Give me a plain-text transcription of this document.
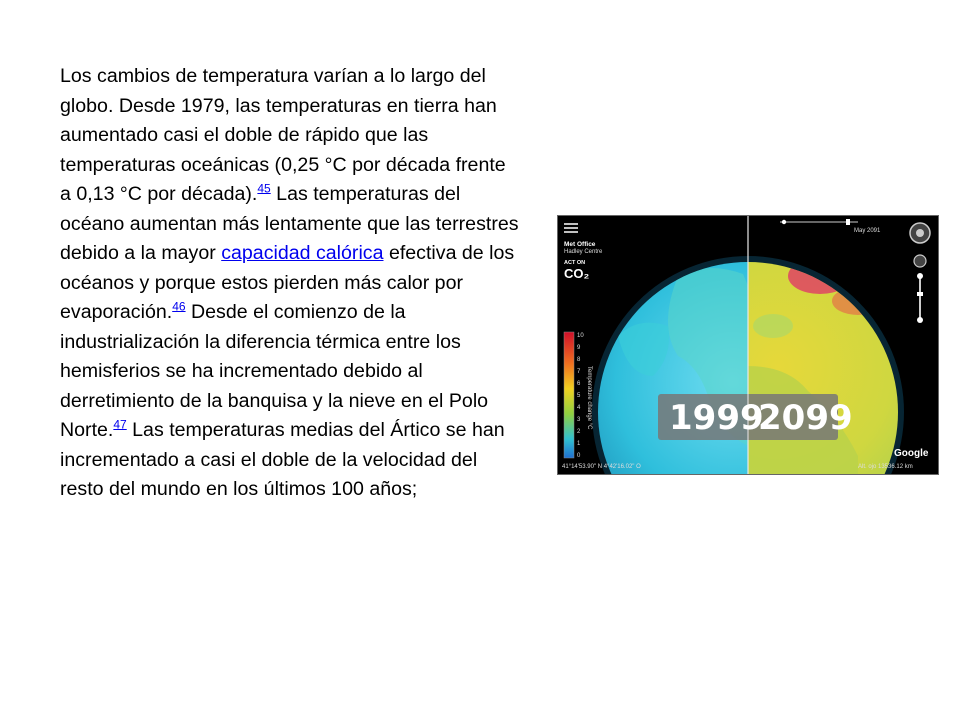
Los cambios de temperatura varían a lo largo del globo. Desde 1979, las temperaturas en tierra han aumentado casi el doble de rápido que las temperaturas oceánicas (0,25 °C por década frente a 0,13 °C por década).$^{45}$ Las temperaturas del océano aumentan más lentamente que las terrestres debido a la mayor capacidad calórica efectiva de los océanos y porque estos pierden más calor por evaporación.$^{46}$ Desde el comienzo de la industrialización la diferencia térmica entre los hemisferios se ha incrementado debido al derretimiento de la banquisa y la nieve en el Polo Norte.$^{47}$ Las temperaturas medias del Ártico se han incrementado a casi el doble de la velocidad del resto del mundo en los últimos 100 años;

Met Office
Hadley Centre
ACT ON
CO₂
May 2091
10
9
8
7
6
5
4
3
2
1
0
Temperature change °C 1999
2099
41°14'53.90" N 4°42'16.02" O	Alt. ojo 13536.12 km
Google
